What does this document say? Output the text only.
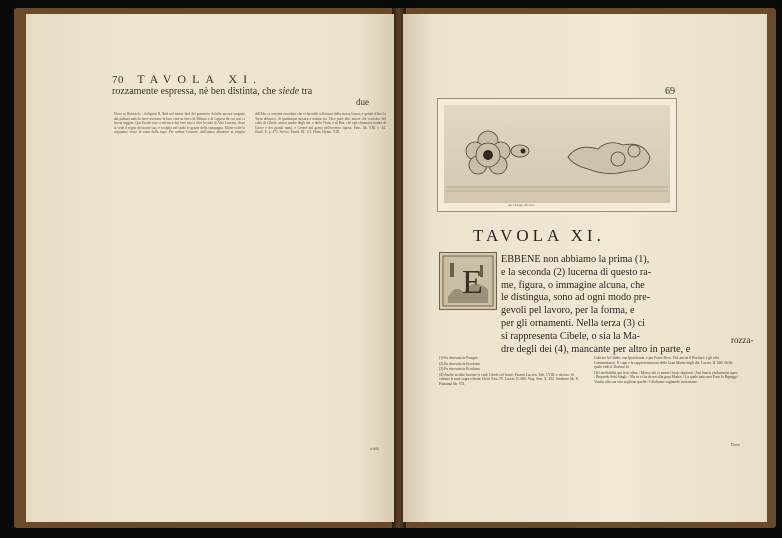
70 TAVOLA XI.
rozzamente espressa, nè ben distinta, che siede tra
due
Dove in Roboasfo ; Soligstat II. Ibid nel morte idol del guerriero Achille ancora sorgono dai palazzi antichi dove avevano le loro case in ferro di Milano e di Liguria da cui non ci lascia fuggire. Qui Ercole non si riferisce dal vero ma ci dice la sede di Alto Laurino, dove si vede il segno del nome suo, e scolpito nel suolo le grazie della campagna. Molte volte lo seguiamo verso la cima della rupe. Per ordine Crotone, dall'antico abitatore ai vergini dell'Ida, ci convien ricordare che vi ha nelle collezioni della stessa forma, e quindi d'altri la Terra abbracci, di qualunque misura e natura sia. Dice pure altri autori che scrissero del culto di Cibele, antica madre degli dei, e della Vesta, e di Rea, che egli chiamava madre di Giove e dei grandi numi, e Cerere dal grano nell'inverno riposa. Paus. lib. VIII. c. 44. Strab. X. p. 472. Servio, Eneid. III. 111. Hom. Hymn. XIII.
a ddd
69
Alt. e Lungh. del vero
TAVOLA XI.
E
EBBENE non abbiamo la prima (1),
e la seconda (2) lucerna di questo ra-
me, figura, o immagine alcuna, che
le distingua, sono ad ogni modo pre-
gevoli pel lavoro, per la forma, e
per gli ornamenti. Nella terza (3) ci
si rappresenta Cibele, o sia la Ma-
dre degli dei (4), mancante per altro in parte, e
rozza-

(1) Fu ritrovata in Pompei.

(2) Fu ritrovata in Ercolano.

(3) Fu ritrovata in Ercolano.

(4) Anche in altre lucerne si vede Cibele col leone: Passeri Lucern. Tab. CVIII. e altrove. Si vedano le note sopra riferite. Ovid. Fast. IV. Lucret. II. 600. Virg. Aen. X. 252. Strabone lib. X. Pausania lib. VII.

Cultrice la Cibele; con Ipsesfonda, e per Frane Diva. Vid. anche il Bochart; e gli altri Commentatori. Il capo e le rappresentazioni della Gran Madre degli dei, Lucret. II. 600. Della quale vedi il Tiraboschi.

Oh! deeffabilis qui fecit albus / Morsi, ubi et moreri fustic deplorat / Aut Sancti ysolaverunt ispes / Boquedo Sehi Singli. / Ma tu vi ha de nei alla gran Madre, / La quale tutto non Fuor lo Rapaggi / Vestito alla sua vita sogliono quelle / Celebrano vagliando torta mano.

Dove
